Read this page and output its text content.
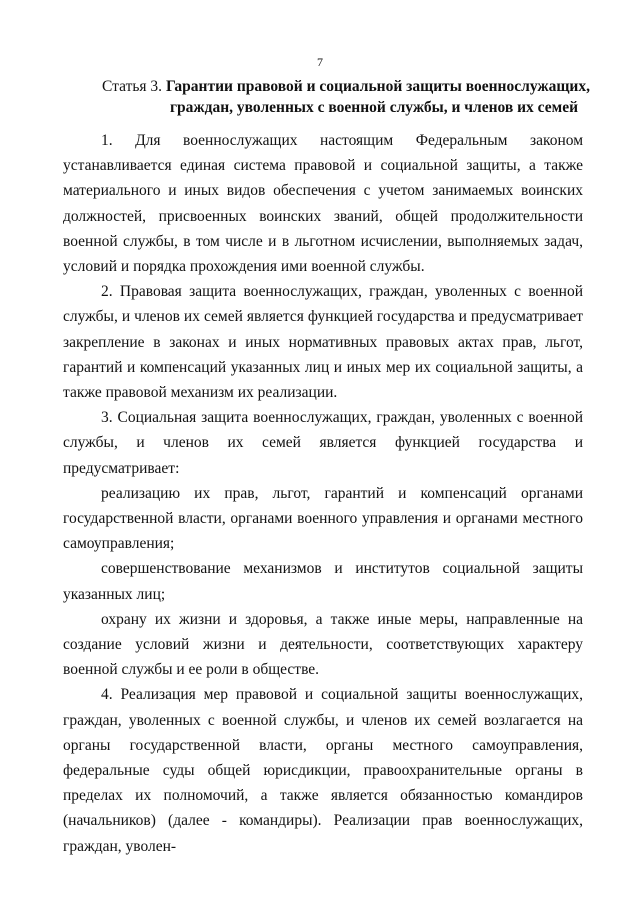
7
Статья 3. Гарантии правовой и социальной защиты военнослужащих,
граждан, уволенных с военной службы, и членов их семей

1. Для военнослужащих настоящим Федеральным законом устанавливается единая система правовой и социальной защиты, а также материального и иных видов обеспечения с учетом занимаемых воинских должностей, присвоенных воинских званий, общей продолжительности военной службы, в том числе и в льготном исчислении, выполняемых задач, условий и порядка прохождения ими военной службы.

2. Правовая защита военнослужащих, граждан, уволенных с военной службы, и членов их семей является функцией государства и предусматривает закрепление в законах и иных нормативных правовых актах прав, льгот, гарантий и компенсаций указанных лиц и иных мер их социальной защиты, а также правовой механизм их реализации.

3. Социальная защита военнослужащих, граждан, уволенных с военной службы, и членов их семей является функцией государства и предусматривает:

реализацию их прав, льгот, гарантий и компенсаций органами государственной власти, органами военного управления и органами местного самоуправления;

совершенствование механизмов и институтов социальной защиты указанных лиц;

охрану их жизни и здоровья, а также иные меры, направленные на создание условий жизни и деятельности, соответствующих характеру военной службы и ее роли в обществе.

4. Реализация мер правовой и социальной защиты военнослужащих, граждан, уволенных с военной службы, и членов их семей возлагается на органы государственной власти, органы местного самоуправления, федеральные суды общей юрисдикции, правоохранительные органы в пределах их полномочий, а также является обязанностью командиров (начальников) (далее - командиры). Реализации прав военнослужащих, граждан, уволен-
